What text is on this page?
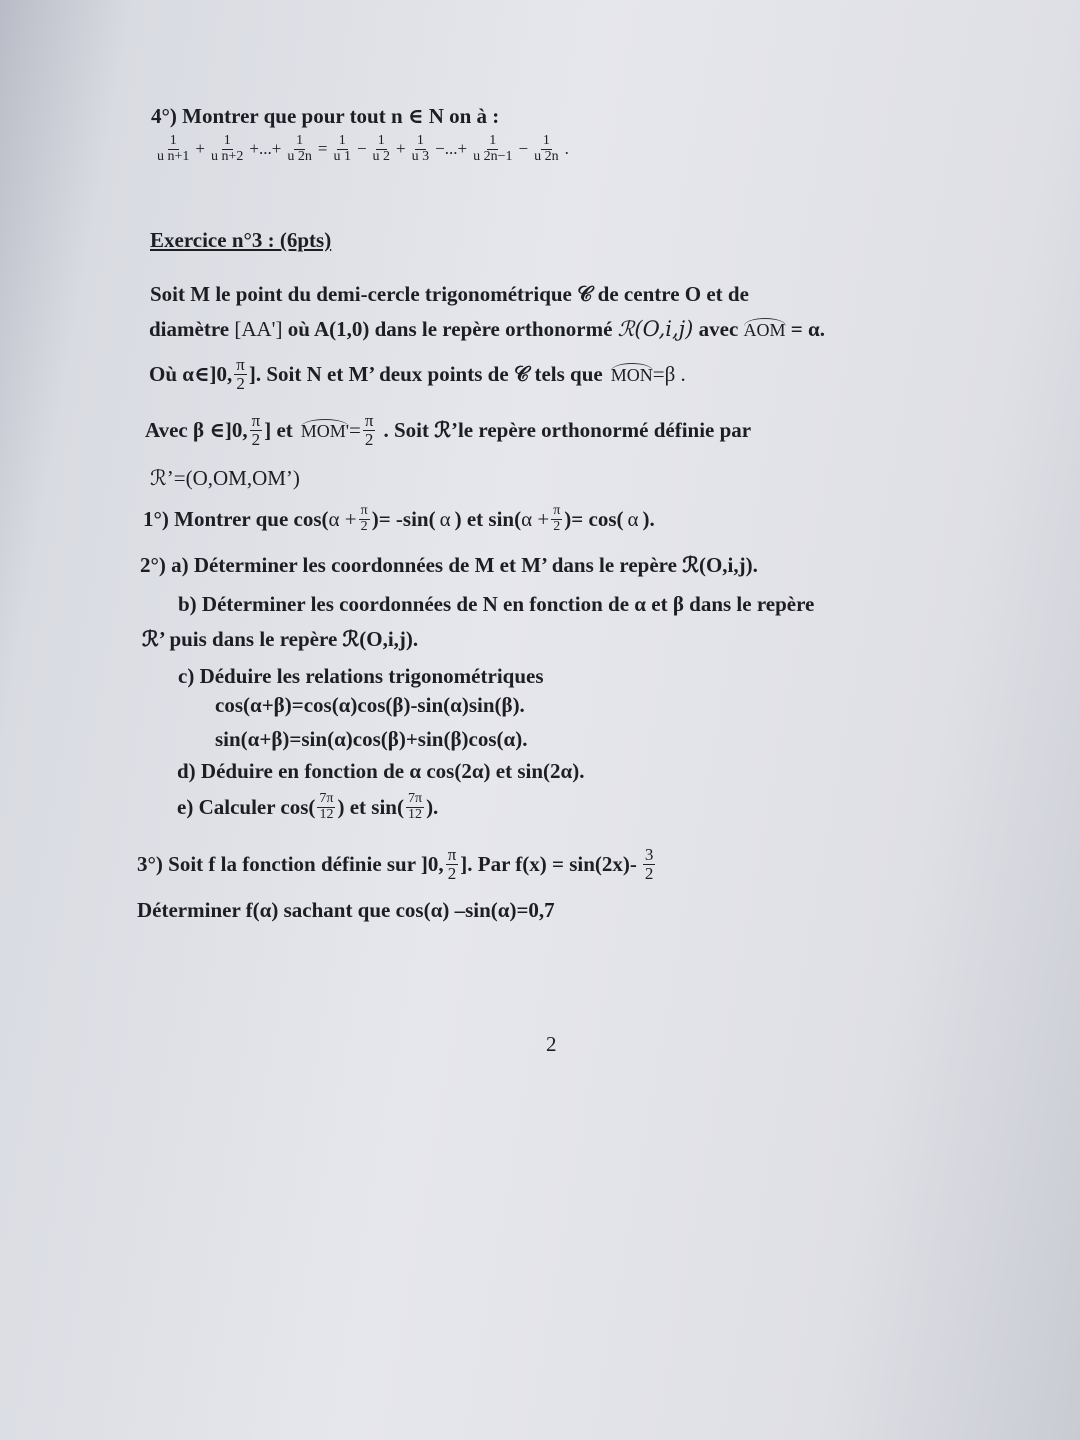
4°) Montrer que pour tout n ∈ N on à :
$\frac{1}{\text{u n+1}} + \frac{1}{\text{u n+2}}$ +...+ $\frac{1}{u 2n} = \frac{1}{u 1} - \frac{1}{u 2} + \frac{1}{u 3}$ −...+ $\frac{1}{u 2n-1} - \frac{1}{u 2n}$ .
Exercice n°3 : (6pts)
Soit M le point du demi-cercle trigonométrique 𝒞 de centre O et de
diamètre [AA'] où A(1,0) dans le repère orthonormé ℛ(O,i,j) avec AOM = α.
Où α∈]0, $\frac{\pi}{2}$ ]. Soit N et M’ deux points de 𝒞 tels que MON =β .
Avec β ∈]0, $\frac{\pi}{2}$ ] et $MOM' = \frac{\pi}{2}$ . Soit ℛ’le repère orthonormé définie par
ℛ’=(O,OM,OM’)
1°) Montrer que cos( $\alpha + \frac{\pi}{2}$ )= -sin( α ) et sin( $\alpha + \frac{\pi}{2}$ )= cos( α ).
2°) a) Déterminer les coordonnées de M et M’ dans le repère ℛ(O,i,j).
b) Déterminer les coordonnées de N en fonction de α et β dans le repère
ℛ’ puis dans le repère ℛ(O,i,j).
c) Déduire les relations trigonométriques
cos(α+β)=cos(α)cos(β)-sin(α)sin(β).
sin(α+β)=sin(α)cos(β)+sin(β)cos(α).
d) Déduire en fonction de α cos(2α) et sin(2α).
e) Calculer $\cos( \frac{7\pi}{12}$ ) et $\sin( \frac{7\pi}{12}$ ).
3°) Soit f la fonction définie sur ]0, $\frac{\pi}{2}$ ]. Par $f(x) = \sin(2x)- \frac{3}{2}$
Déterminer f(α) sachant que cos(α) –sin(α)=0,7
2
